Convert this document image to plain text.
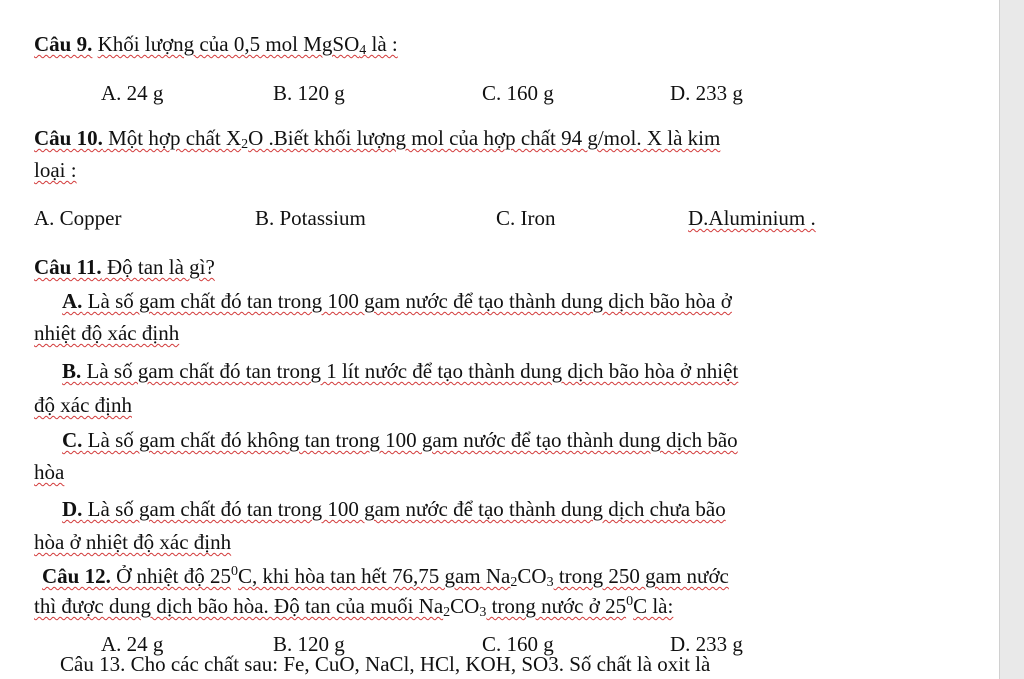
Câu 9. Khối lượng của 0,5 mol MgSO$_4$ là :
A. 24 g	B. 120 g	C. 160 g	D. 233 g
Câu 10. Một hợp chất $X_2O$ .Biết khối lượng mol của hợp chất 94 g/mol. X là kim
loại :
A. Copper	B. Potassium	C. Iron	D.Aluminium .
Câu 11. Độ tan là gì?
A. Là số gam chất đó tan trong 100 gam nước để tạo thành dung dịch bão hòa ở
nhiệt độ xác định
B. Là số gam chất đó tan trong 1 lít nước để tạo thành dung dịch bão hòa ở nhiệt
độ xác định
C. Là số gam chất đó không tan trong 100 gam nước để tạo thành dung dịch bão
hòa
D. Là số gam chất đó tan trong 100 gam nước để tạo thành dung dịch chưa bão
hòa ở nhiệt độ xác định
Câu 12. Ở nhiệt độ $25^0C$, khi hòa tan hết 76,75 gam $Na_2CO_3$ trong 250 gam nước
thì được dung dịch bão hòa. Độ tan của muối $Na_2CO_3$ trong nước ở $25^0C$ là:
A. 24 g	B. 120 g	C. 160 g	D. 233 g
Câu 13. Cho các chất sau: Fe, CuO, NaCl, HCl, KOH, SO3. Số chất là oxit là
